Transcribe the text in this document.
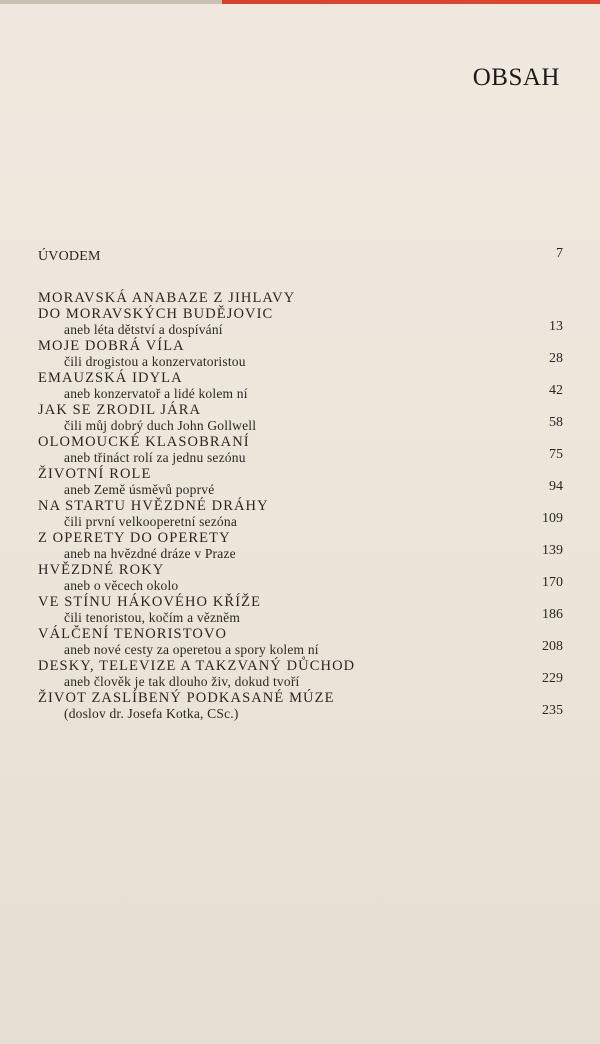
OBSAH
ÚVODEM	7
MORAVSKÁ ANABAZE Z JIHLAVY
DO MORAVSKÝCH BUDĚJOVIC
aneb léta dětství a dospívání	13
MOJE DOBRÁ VÍLA
čili drogistou a konzervatoristou	28
EMAUZSKÁ IDYLA
aneb konzervatoř a lidé kolem ní	42
JAK SE ZRODIL JÁRA
čili můj dobrý duch John Gollwell	58
OLOMOUCKÉ KLASOBRANÍ
aneb třináct rolí za jednu sezónu	75
ŽIVOTNÍ ROLE
aneb Země úsměvů poprvé	94
NA STARTU HVĚZDNÉ DRÁHY
čili první velkooperetní sezóna	109
Z OPERETY DO OPERETY
aneb na hvězdné dráze v Praze	139
HVĚZDNÉ ROKY
aneb o věcech okolo	170
VE STÍNU HÁKOVÉHO KŘÍŽE
čili tenoristou, kočím a vězněm	186
VÁLČENÍ TENORISTOVO
aneb nové cesty za operetou a spory kolem ní	208
DESKY, TELEVIZE A TAKZVANÝ DŮCHOD
aneb člověk je tak dlouho živ, dokud tvoří	229
ŽIVOT ZASLÍBENÝ PODKASANÉ MÚZE
(doslov dr. Josefa Kotka, CSc.)	235
